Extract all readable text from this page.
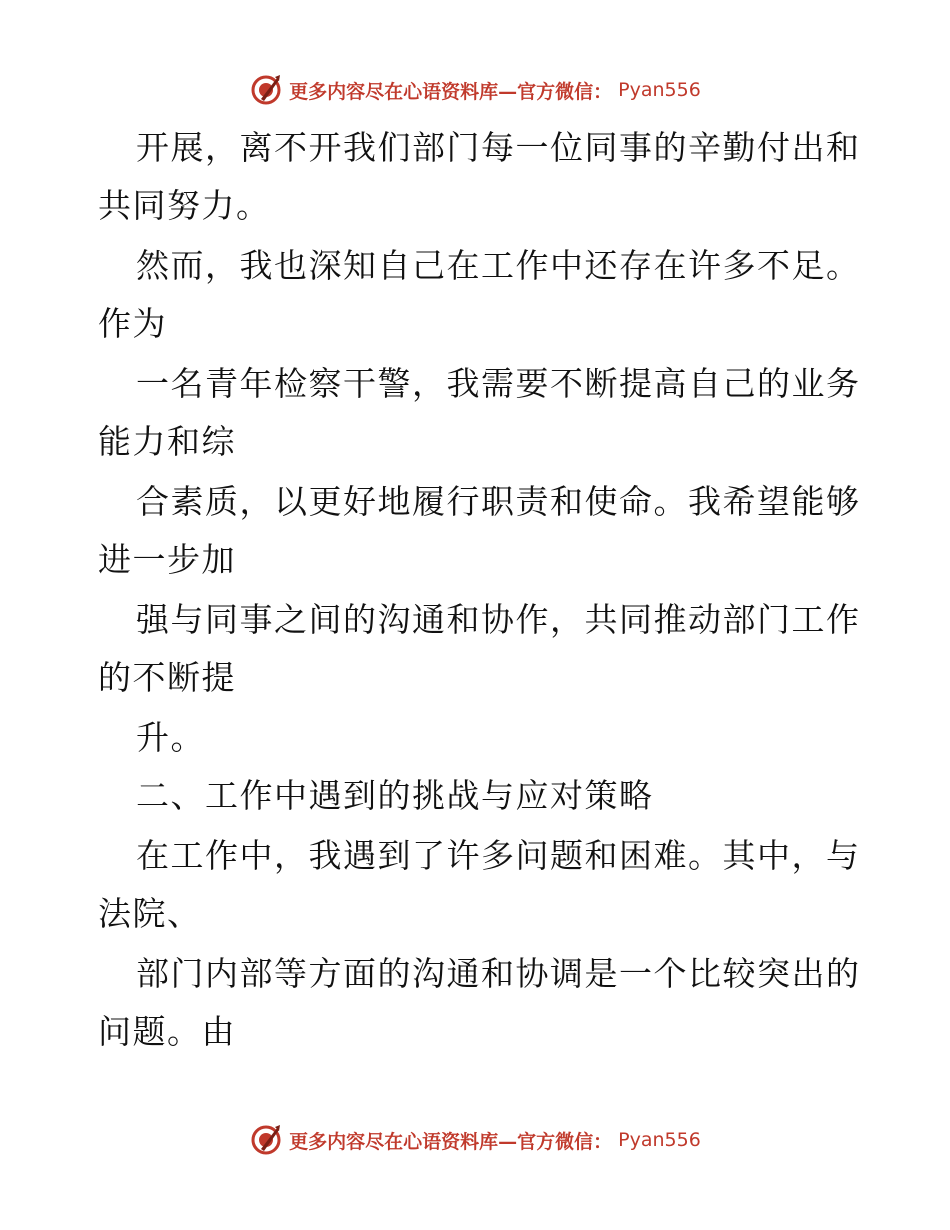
更多内容尽在心语资料库—官方微信： Pyan556
开展，离不开我们部门每一位同事的辛勤付出和
共同努力。
然而，我也深知自己在工作中还存在许多不足。
作为
一名青年检察干警，我需要不断提高自己的业务
能力和综
合素质，以更好地履行职责和使命。我希望能够
进一步加
强与同事之间的沟通和协作，共同推动部门工作
的不断提
升。
二、工作中遇到的挑战与应对策略
在工作中，我遇到了许多问题和困难。其中，与
法院、
部门内部等方面的沟通和协调是一个比较突出的
问题。由
更多内容尽在心语资料库—官方微信： Pyan556
